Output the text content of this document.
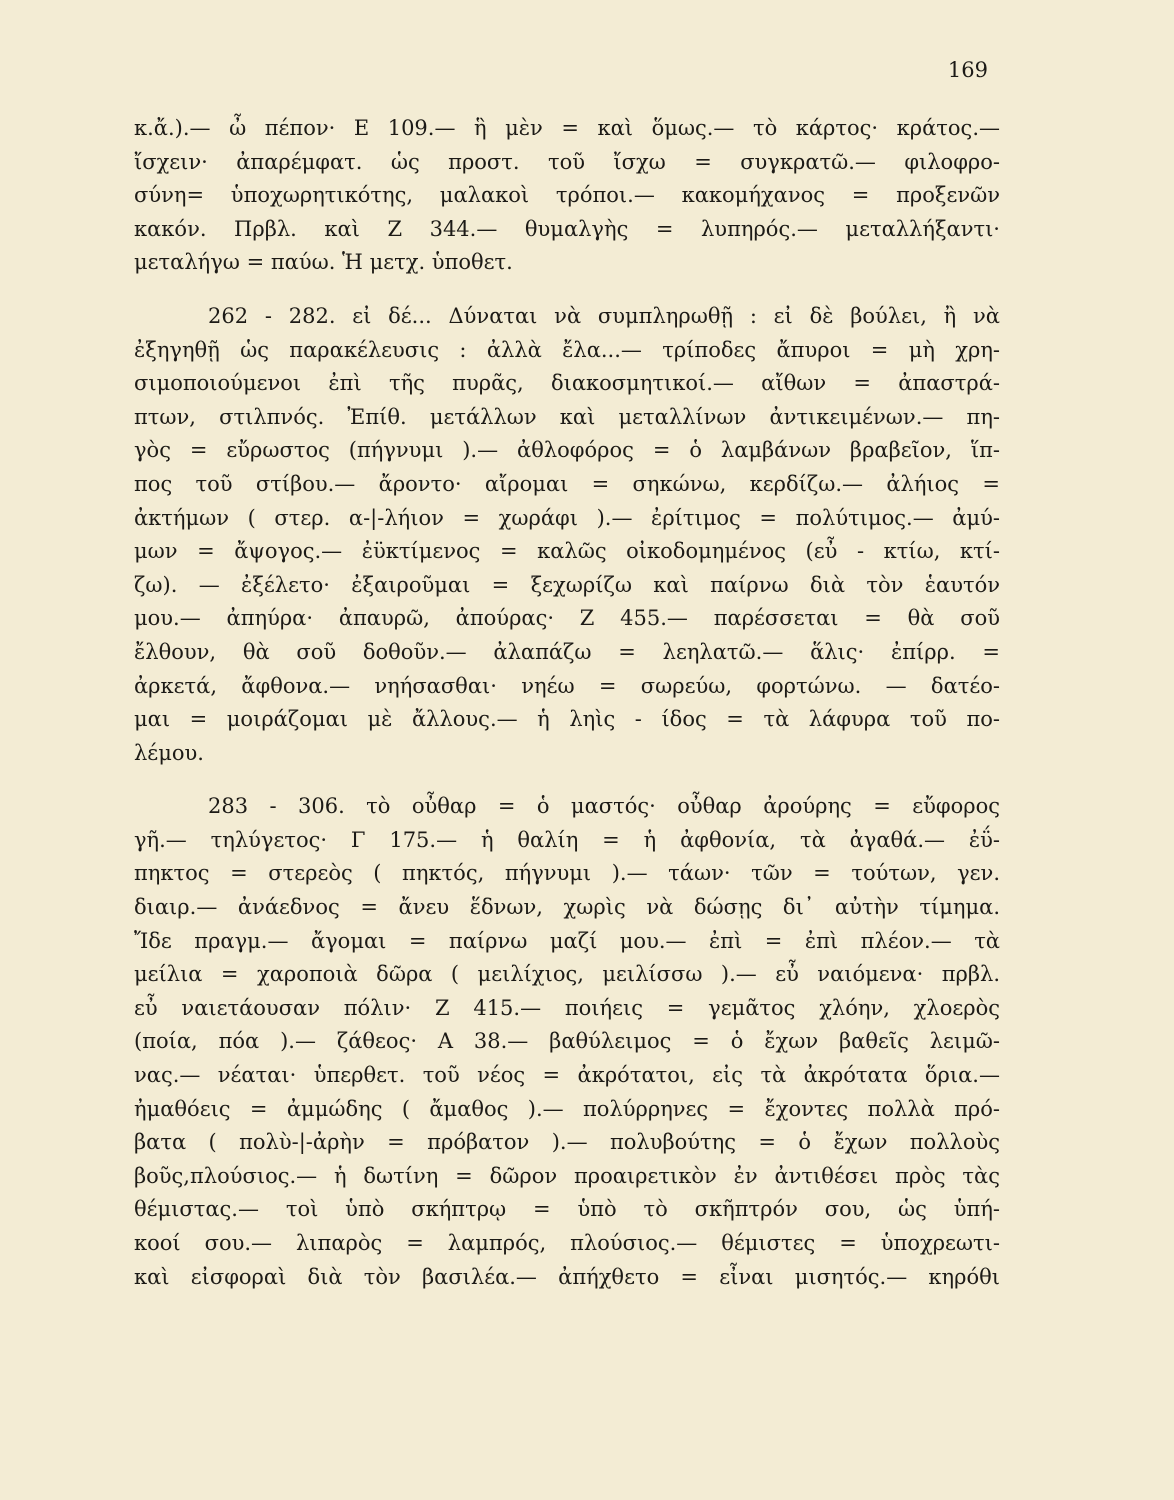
169
κ.ἄ.).— ὦ πέπον· Ε 109.— ἣ μὲν = καὶ ὅμως.— τὸ κάρτος· κράτος.—
ἴσχειν· ἀπαρέμφατ. ὡς προστ. τοῦ ἴσχω = συγκρατῶ.— φιλοφρο-
σύνη= ὑποχωρητικότης, μαλακοὶ τρόποι.— κακομήχανος = προξενῶν
κακόν. Πρβλ. καὶ Ζ 344.— θυμαλγὴς = λυπηρός.— μεταλλήξαντι·
μεταλήγω = παύω. Ἡ μετχ. ὑποθετ.
262 - 282. εἰ δέ... Δύναται νὰ συμπληρωθῇ : εἰ δὲ βούλει, ἢ νὰ
ἐξηγηθῇ ὡς παρακέλευσις : ἀλλὰ ἔλα...— τρίποδες ἄπυροι = μὴ χρη-
σιμοποιούμενοι ἐπὶ τῆς πυρᾶς, διακοσμητικοί.— αἴθων = ἀπαστρά-
πτων, στιλπνός. Ἐπίθ. μετάλλων καὶ μεταλλίνων ἀντικειμένων.— πη-
γὸς = εὔρωστος (πήγνυμι ).— ἀθλοφόρος = ὁ λαμβάνων βραβεῖον, ἵπ-
πος τοῦ στίβου.— ἄροντο· αἴρομαι = σηκώνω, κερδίζω.— ἀλήιος =
ἀκτήμων ( στερ. α-|-λήιον = χωράφι ).— ἐρίτιμος = πολύτιμος.— ἀμύ-
μων = ἄψογος.— ἐϋκτίμενος = καλῶς οἰκοδομημένος (εὖ - κτίω, κτί-
ζω). — ἐξέλετο· ἐξαιροῦμαι = ξεχωρίζω καὶ παίρνω διὰ τὸν ἑαυτόν
μου.— ἀπηύρα· ἀπαυρῶ, ἀπούρας· Ζ 455.— παρέσσεται = θὰ σοῦ
ἔλθουν, θὰ σοῦ δοθοῦν.— ἀλαπάζω = λεηλατῶ.— ἅλις· ἐπίρρ. =
ἀρκετά, ἄφθονα.— νηήσασθαι· νηέω = σωρεύω, φορτώνω. — δατέο-
μαι = μοιράζομαι μὲ ἄλλους.— ἡ ληὶς - ίδος = τὰ λάφυρα τοῦ πο-
λέμου.
283 - 306. τὸ οὖθαρ = ὁ μαστός· οὖθαρ ἀρούρης = εὔφορος
γῆ.— τηλύγετος· Γ 175.— ἡ θαλίη = ἡ ἀφθονία, τὰ ἀγαθά.— ἐΰ-
πηκτος = στερεὸς ( πηκτός, πήγνυμι ).— τάων· τῶν = τούτων, γεν.
διαιρ.— ἀνάεδνος = ἄνευ ἕδνων, χωρὶς νὰ δώσῃς δι᾽ αὐτὴν τίμημα.
Ἴδε πραγμ.— ἄγομαι = παίρνω μαζί μου.— ἐπὶ = ἐπὶ πλέον.— τὰ
μείλια = χαροποιὰ δῶρα ( μειλίχιος, μειλίσσω ).— εὖ ναιόμενα· πρβλ.
εὖ ναιετάουσαν πόλιν· Ζ 415.— ποιήεις = γεμᾶτος χλόην, χλοερὸς
(ποία, πόα ).— ζάθεος· Α 38.— βαθύλειμος = ὁ ἔχων βαθεῖς λειμῶ-
νας.— νέαται· ὑπερθετ. τοῦ νέος = ἀκρότατοι, εἰς τὰ ἀκρότατα ὅρια.—
ἠμαθόεις = ἀμμώδης ( ἄμαθος ).— πολύρρηνες = ἔχοντες πολλὰ πρό-
βατα ( πολὺ-|-ἀρὴν = πρόβατον ).— πολυβούτης = ὁ ἔχων πολλοὺς
βοῦς,πλούσιος.— ἡ δωτίνη = δῶρον προαιρετικὸν ἐν ἀντιθέσει πρὸς τὰς
θέμιστας.— τοὶ ὑπὸ σκήπτρῳ = ὑπὸ τὸ σκῆπτρόν σου, ὡς ὑπή-
κοοί σου.— λιπαρὸς = λαμπρός, πλούσιος.— θέμιστες = ὑποχρεωτι-
καὶ εἰσφοραὶ διὰ τὸν βασιλέα.— ἀπήχθετο = εἶναι μισητός.— κηρόθι
